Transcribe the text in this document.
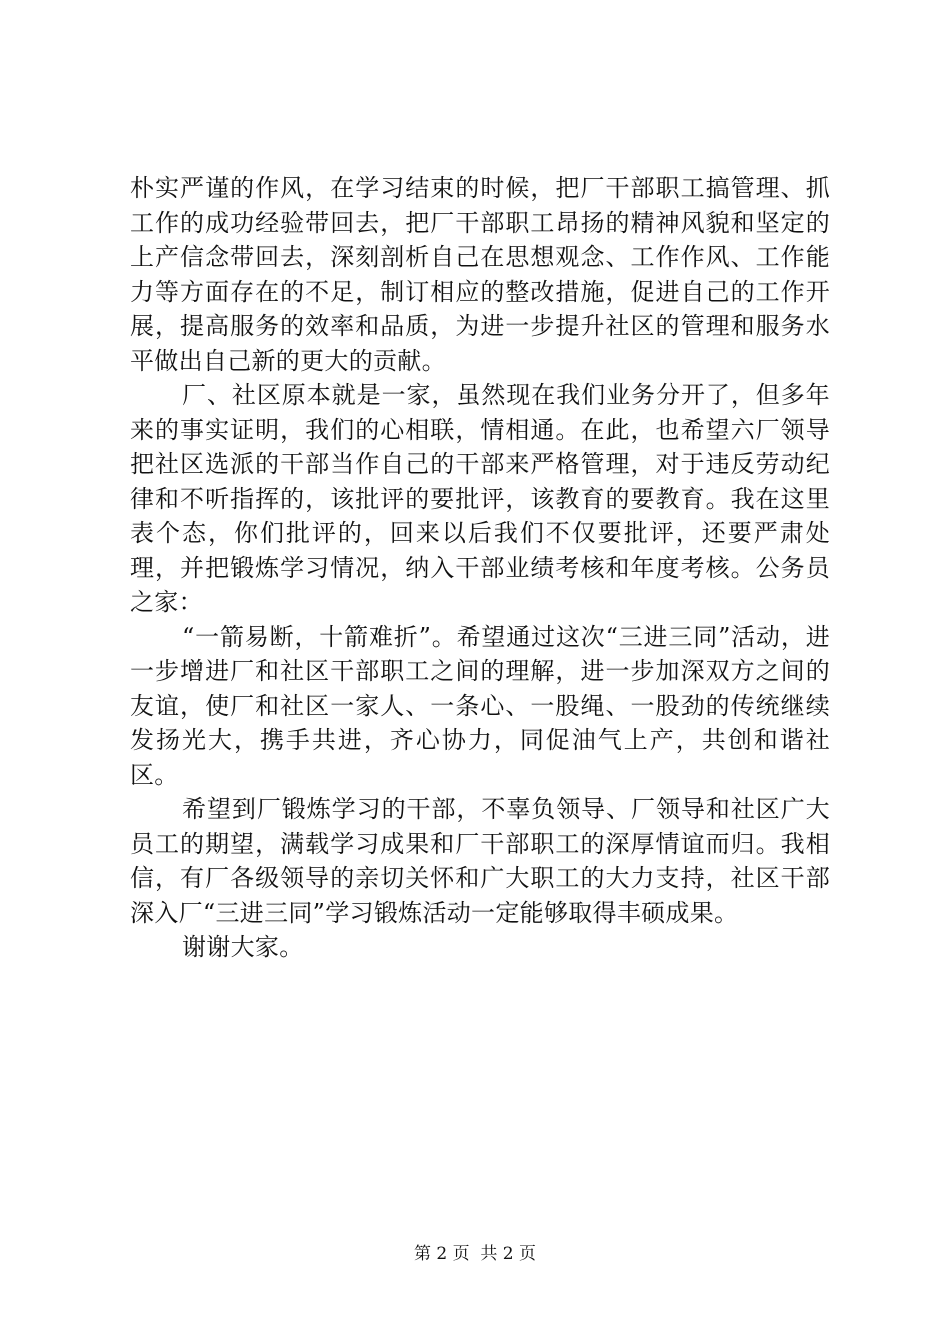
朴实严谨的作风，在学习结束的时候，把厂干部职工搞管理、抓工作的成功经验带回去，把厂干部职工昂扬的精神风貌和坚定的上产信念带回去，深刻剖析自己在思想观念、工作作风、工作能力等方面存在的不足，制订相应的整改措施，促进自己的工作开展，提高服务的效率和品质，为进一步提升社区的管理和服务水平做出自己新的更大的贡献。

厂、社区原本就是一家，虽然现在我们业务分开了，但多年来的事实证明，我们的心相联，情相通。在此，也希望六厂领导把社区选派的干部当作自己的干部来严格管理，对于违反劳动纪律和不听指挥的，该批评的要批评，该教育的要教育。我在这里表个态，你们批评的，回来以后我们不仅要批评，还要严肃处理，并把锻炼学习情况，纳入干部业绩考核和年度考核。公务员之家：

“一箭易断，十箭难折”。希望通过这次“三进三同”活动，进一步增进厂和社区干部职工之间的理解，进一步加深双方之间的友谊，使厂和社区一家人、一条心、一股绳、一股劲的传统继续发扬光大，携手共进，齐心协力，同促油气上产，共创和谐社区。

希望到厂锻炼学习的干部，不辜负领导、厂领导和社区广大员工的期望，满载学习成果和厂干部职工的深厚情谊而归。我相信，有厂各级领导的亲切关怀和广大职工的大力支持，社区干部深入厂“三进三同”学习锻炼活动一定能够取得丰硕成果。

谢谢大家。

第 2 页  共 2 页
